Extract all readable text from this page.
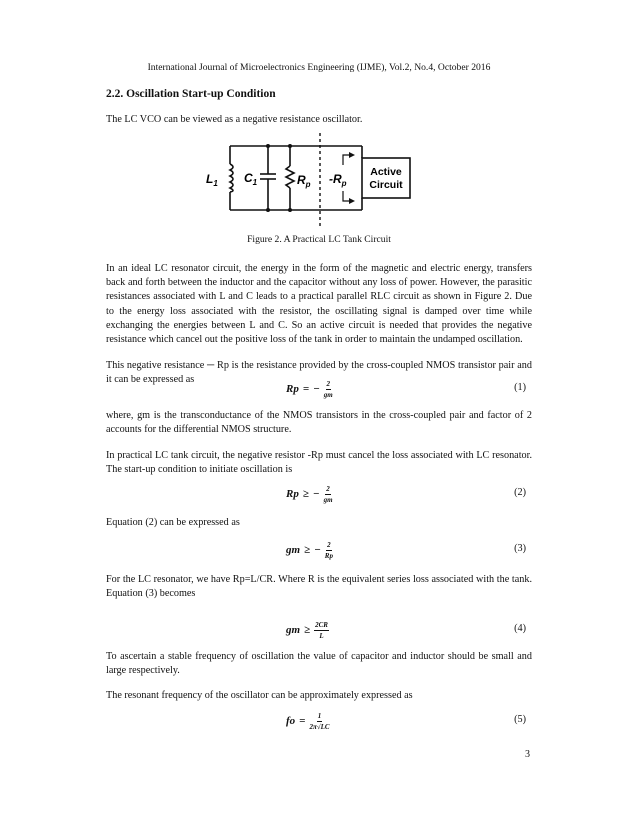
International Journal of Microelectronics Engineering (IJME), Vol.2, No.4, October 2016
2.2. Oscillation Start-up Condition

The LC VCO can be viewed as a negative resistance oscillator.

$L_1$ $C_1$	$R_p$ $-R_p$
Active
Circuit
Figure 2. A Practical LC Tank Circuit

In an ideal LC resonator circuit, the energy in the form of the magnetic and electric energy, transfers back and forth between the inductor and the capacitor without any loss of power. However, the parasitic resistances associated with L and C leads to a practical parallel RLC circuit as shown in Figure 2. Due to the energy loss associated with the resistor, the oscillating signal is damped over time while exchanging the energies between L and C. So an active circuit is needed that provides the negative resistance which cancel out the positive loss of the tank in order to maintain the undamped oscillation.

This negative resistance ─ Rp is the resistance provided by the cross-coupled NMOS transistor pair and it can be expressed as

Rp = − $\frac{2}{gm}$	(1)

where, gm is the transconductance of the NMOS transistors in the cross-coupled pair and factor of 2 accounts for the differential NMOS structure.

In practical LC tank circuit, the negative resistor -Rp must cancel the loss associated with LC resonator. The start-up condition to initiate oscillation is

Rp ≥ − $\frac{2}{gm}$	(2)

Equation (2) can be expressed as

gm ≥ − $\frac{2}{Rp}$	(3)

For the LC resonator, we have Rp=L/CR. Where R is the equivalent series loss associated with the tank. Equation (3) becomes

gm ≥ $\frac{2CR}{L}$	(4)

To ascertain a stable frequency of oscillation the value of capacitor and inductor should be small and large respectively.

The resonant frequency of the oscillator can be approximately expressed as

fo = $\frac{1}{2\pi√LC}$	(5)
3
